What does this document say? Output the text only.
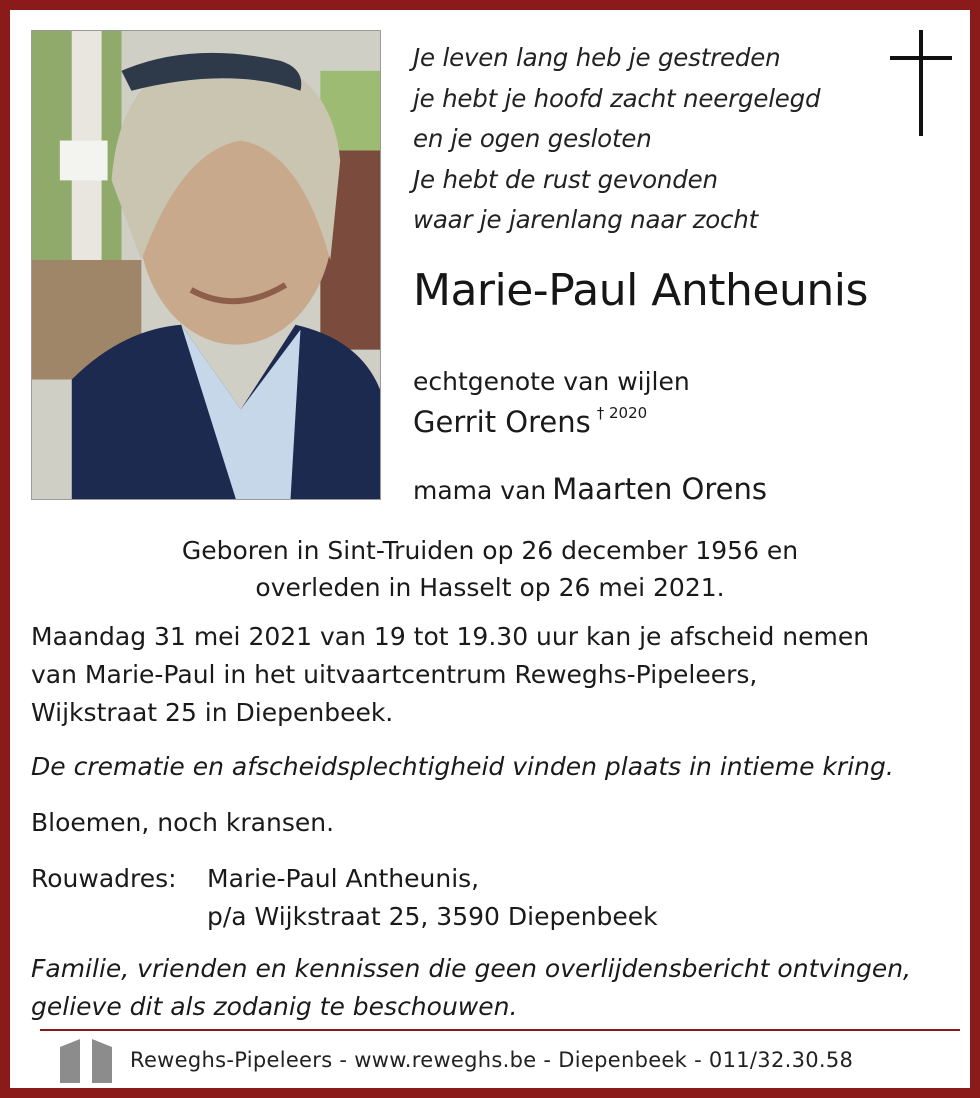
Je leven lang heb je gestreden
je hebt je hoofd zacht neergelegd
en je ogen gesloten
Je hebt de rust gevonden
waar je jarenlang naar zocht
Marie-Paul Antheunis
echtgenote van wijlen
Gerrit Orens $^{\dagger 2020}$
mama van Maarten Orens
Geboren in Sint-Truiden op 26 december 1956 en
overleden in Hasselt op 26 mei 2021.
Maandag 31 mei 2021 van 19 tot 19.30 uur kan je afscheid nemen
van Marie-Paul in het uitvaartcentrum Reweghs-Pipeleers,
Wijkstraat 25 in Diepenbeek.
De crematie en afscheidsplechtigheid vinden plaats in intieme kring.
Bloemen, noch kransen.
Rouwadres: Marie-Paul Antheunis,
p/a Wijkstraat 25, 3590 Diepenbeek
Familie, vrienden en kennissen die geen overlijdensbericht ontvingen,
gelieve dit als zodanig te beschouwen.
Reweghs-Pipeleers - www.reweghs.be - Diepenbeek - 011/32.30.58
